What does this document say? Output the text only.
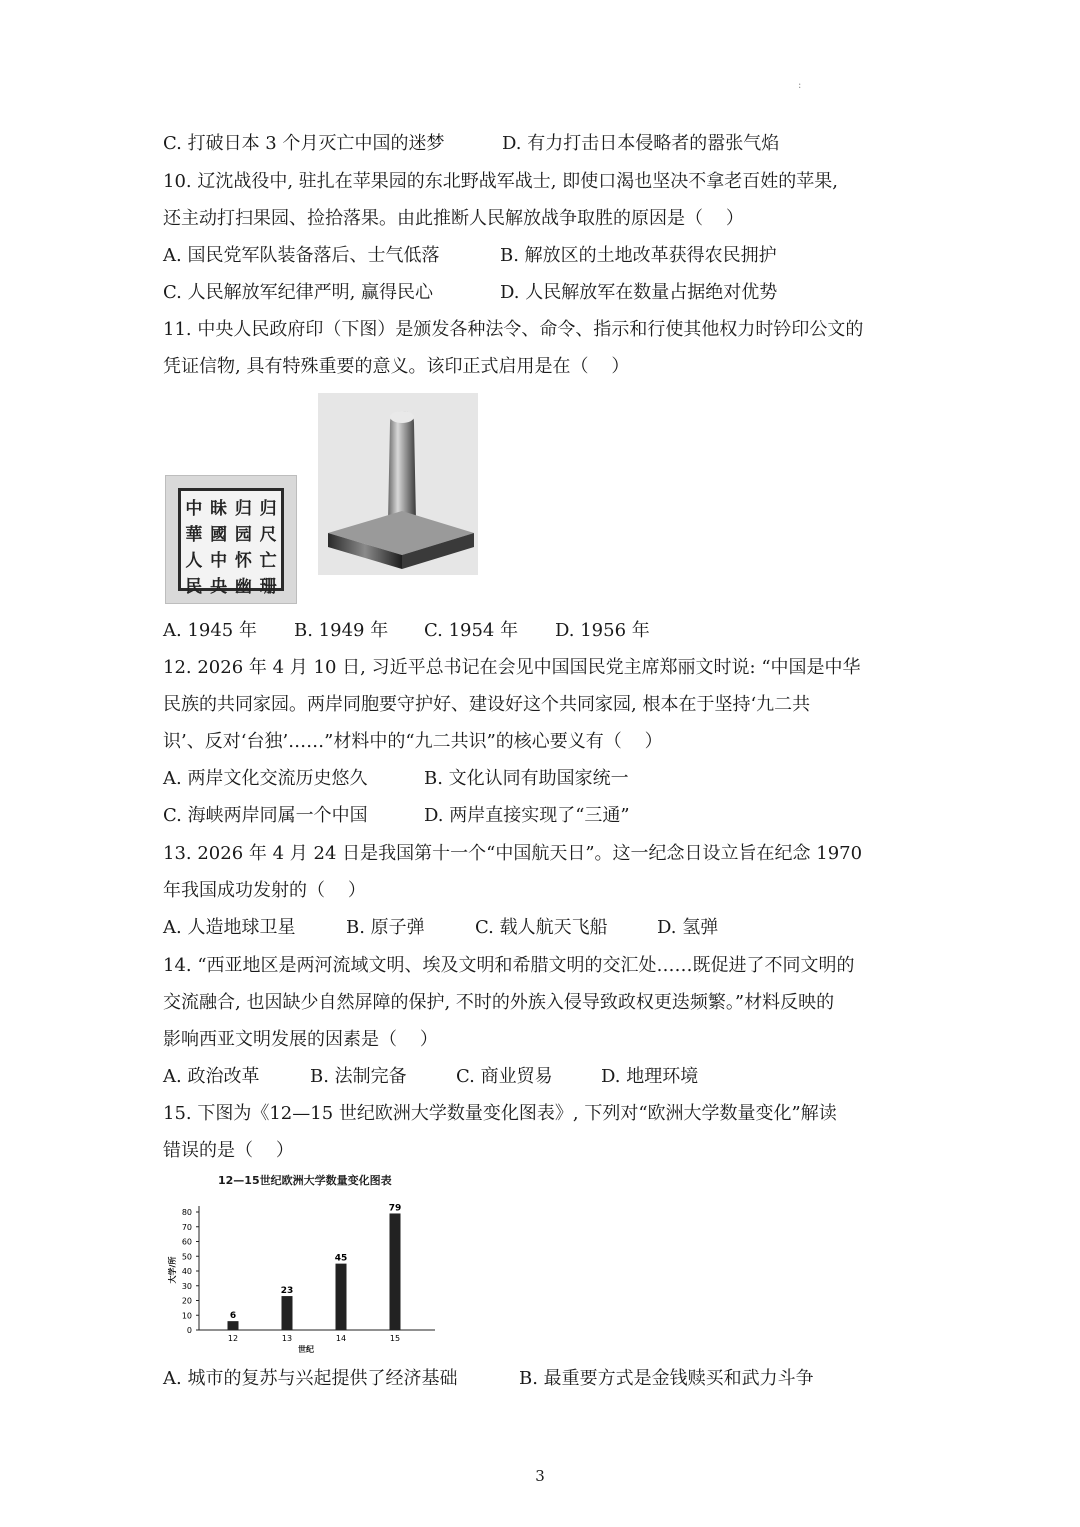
:
C. 打破日本 3 个月灭亡中国的迷梦
10. 辽沈战役中, 驻扎在苹果园的东北野战军战士, 即使口渴也坚决不拿老百姓的苹果,
还主动打扫果园、捡拾落果。由此推断人民解放战争取胜的原因是（    ）
11. 中央人民政府印（下图）是颁发各种法令、命令、指示和行使其他权力时钤印公文的
凭证信物, 具有特殊重要的意义。该印正式启用是在（    ）
12. 2026 年 4 月 10 日, 习近平总书记在会见中国国民党主席郑丽文时说: “中国是中华
民族的共同家园。两岸同胞要守护好、建设好这个共同家园, 根本在于坚持‘九二共
识’、反对‘台独’……”材料中的“九二共识”的核心要义有（    ）
13. 2026 年 4 月 24 日是我国第十一个“中国航天日”。这一纪念日设立旨在纪念 1970
年我国成功发射的（    ）
14. “西亚地区是两河流域文明、埃及文明和希腊文明的交汇处……既促进了不同文明的
交流融合, 也因缺少自然屏障的保护, 不时的外族入侵导致政权更迭频繁。”材料反映的
影响西亚文明发展的因素是（    ）
15. 下图为《12—15 世纪欧洲大学数量变化图表》, 下列对“欧洲大学数量变化”解读
错误的是（    ）
D. 有力打击日本侵略者的嚣张气焰
A. 国民党军队装备落后、士气低落	B. 解放区的土地改革获得农民拥护
C. 人民解放军纪律严明, 赢得民心	D. 人民解放军在数量占据绝对优势
A. 1945 年 B. 1949 年 C. 1954 年 D. 1956 年
A. 两岸文化交流历史悠久	B. 文化认同有助国家统一
C. 海峡两岸同属一个中国	D. 两岸直接实现了“三通”
A. 人造地球卫星	B. 原子弹	C. 载人航天飞船	D. 氢弹
A. 政治改革	B. 法制完备	C. 商业贸易	D. 地理环境
A. 城市的复苏与兴起提供了经济基础	B. 最重要方式是金钱赎买和武力斗争
中 昧 归 归
華 國 园 尺
人 中 怀 亡
民 央 幽 珊
12—15世纪欧洲大学数量变化图表
0
10
20
30
40
50
60
70
80
大学/所
6
12
23
13
45
14
79
15
世纪
3
